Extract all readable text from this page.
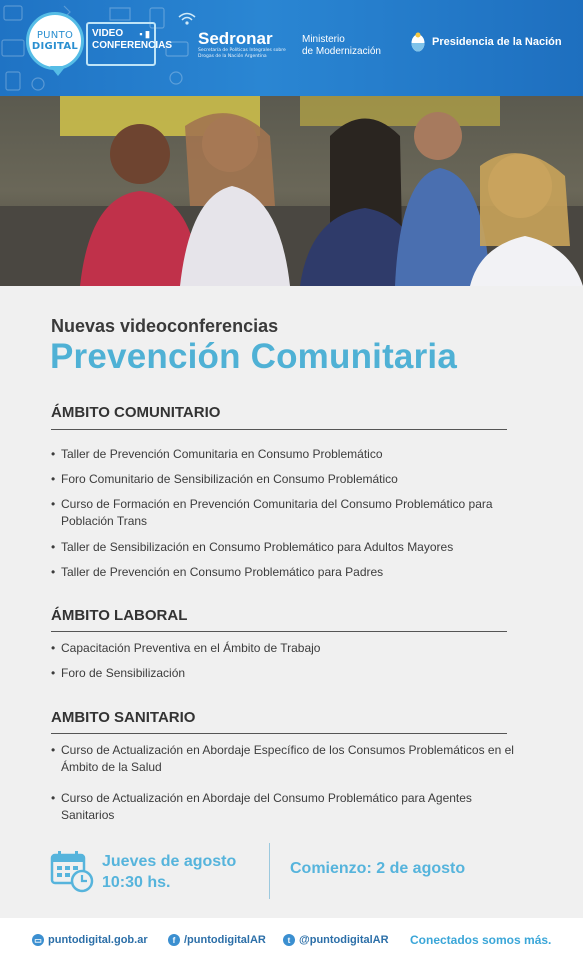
PUNTO
DIGITAL
VIDEO
CONFERENCIAS
▪ ▮	Sedronar
Secretaría de Políticas Integrales sobre Drogas de la Nación Argentina
Ministerio
de Modernización
Presidencia de la Nación
Nuevas videoconferencias
Prevención Comunitaria
ÁMBITO COMUNITARIO
• Taller de Prevención Comunitaria en Consumo Problemático
• Foro Comunitario de Sensibilización en Consumo Problemático
• Curso de Formación en Prevención Comunitaria del Consumo Problemático para Población Trans
• Taller de Sensibilización en Consumo Problemático para Adultos Mayores
• Taller de Prevención en Consumo Problemático para Padres
ÁMBITO LABORAL
• Capacitación Preventiva en el Ámbito de Trabajo
• Foro de Sensibilización
AMBITO SANITARIO
• Curso de Actualización en Abordaje Específico de los Consumos Problemáticos en el Ámbito de la Salud
• Curso de Actualización en Abordaje del Consumo Problemático para Agentes Sanitarios
Jueves de agosto
10:30 hs.
Comienzo: 2 de agosto
▭ puntodigital.gob.ar	f /puntodigitalAR	t @puntodigitalAR Conectados somos más.
